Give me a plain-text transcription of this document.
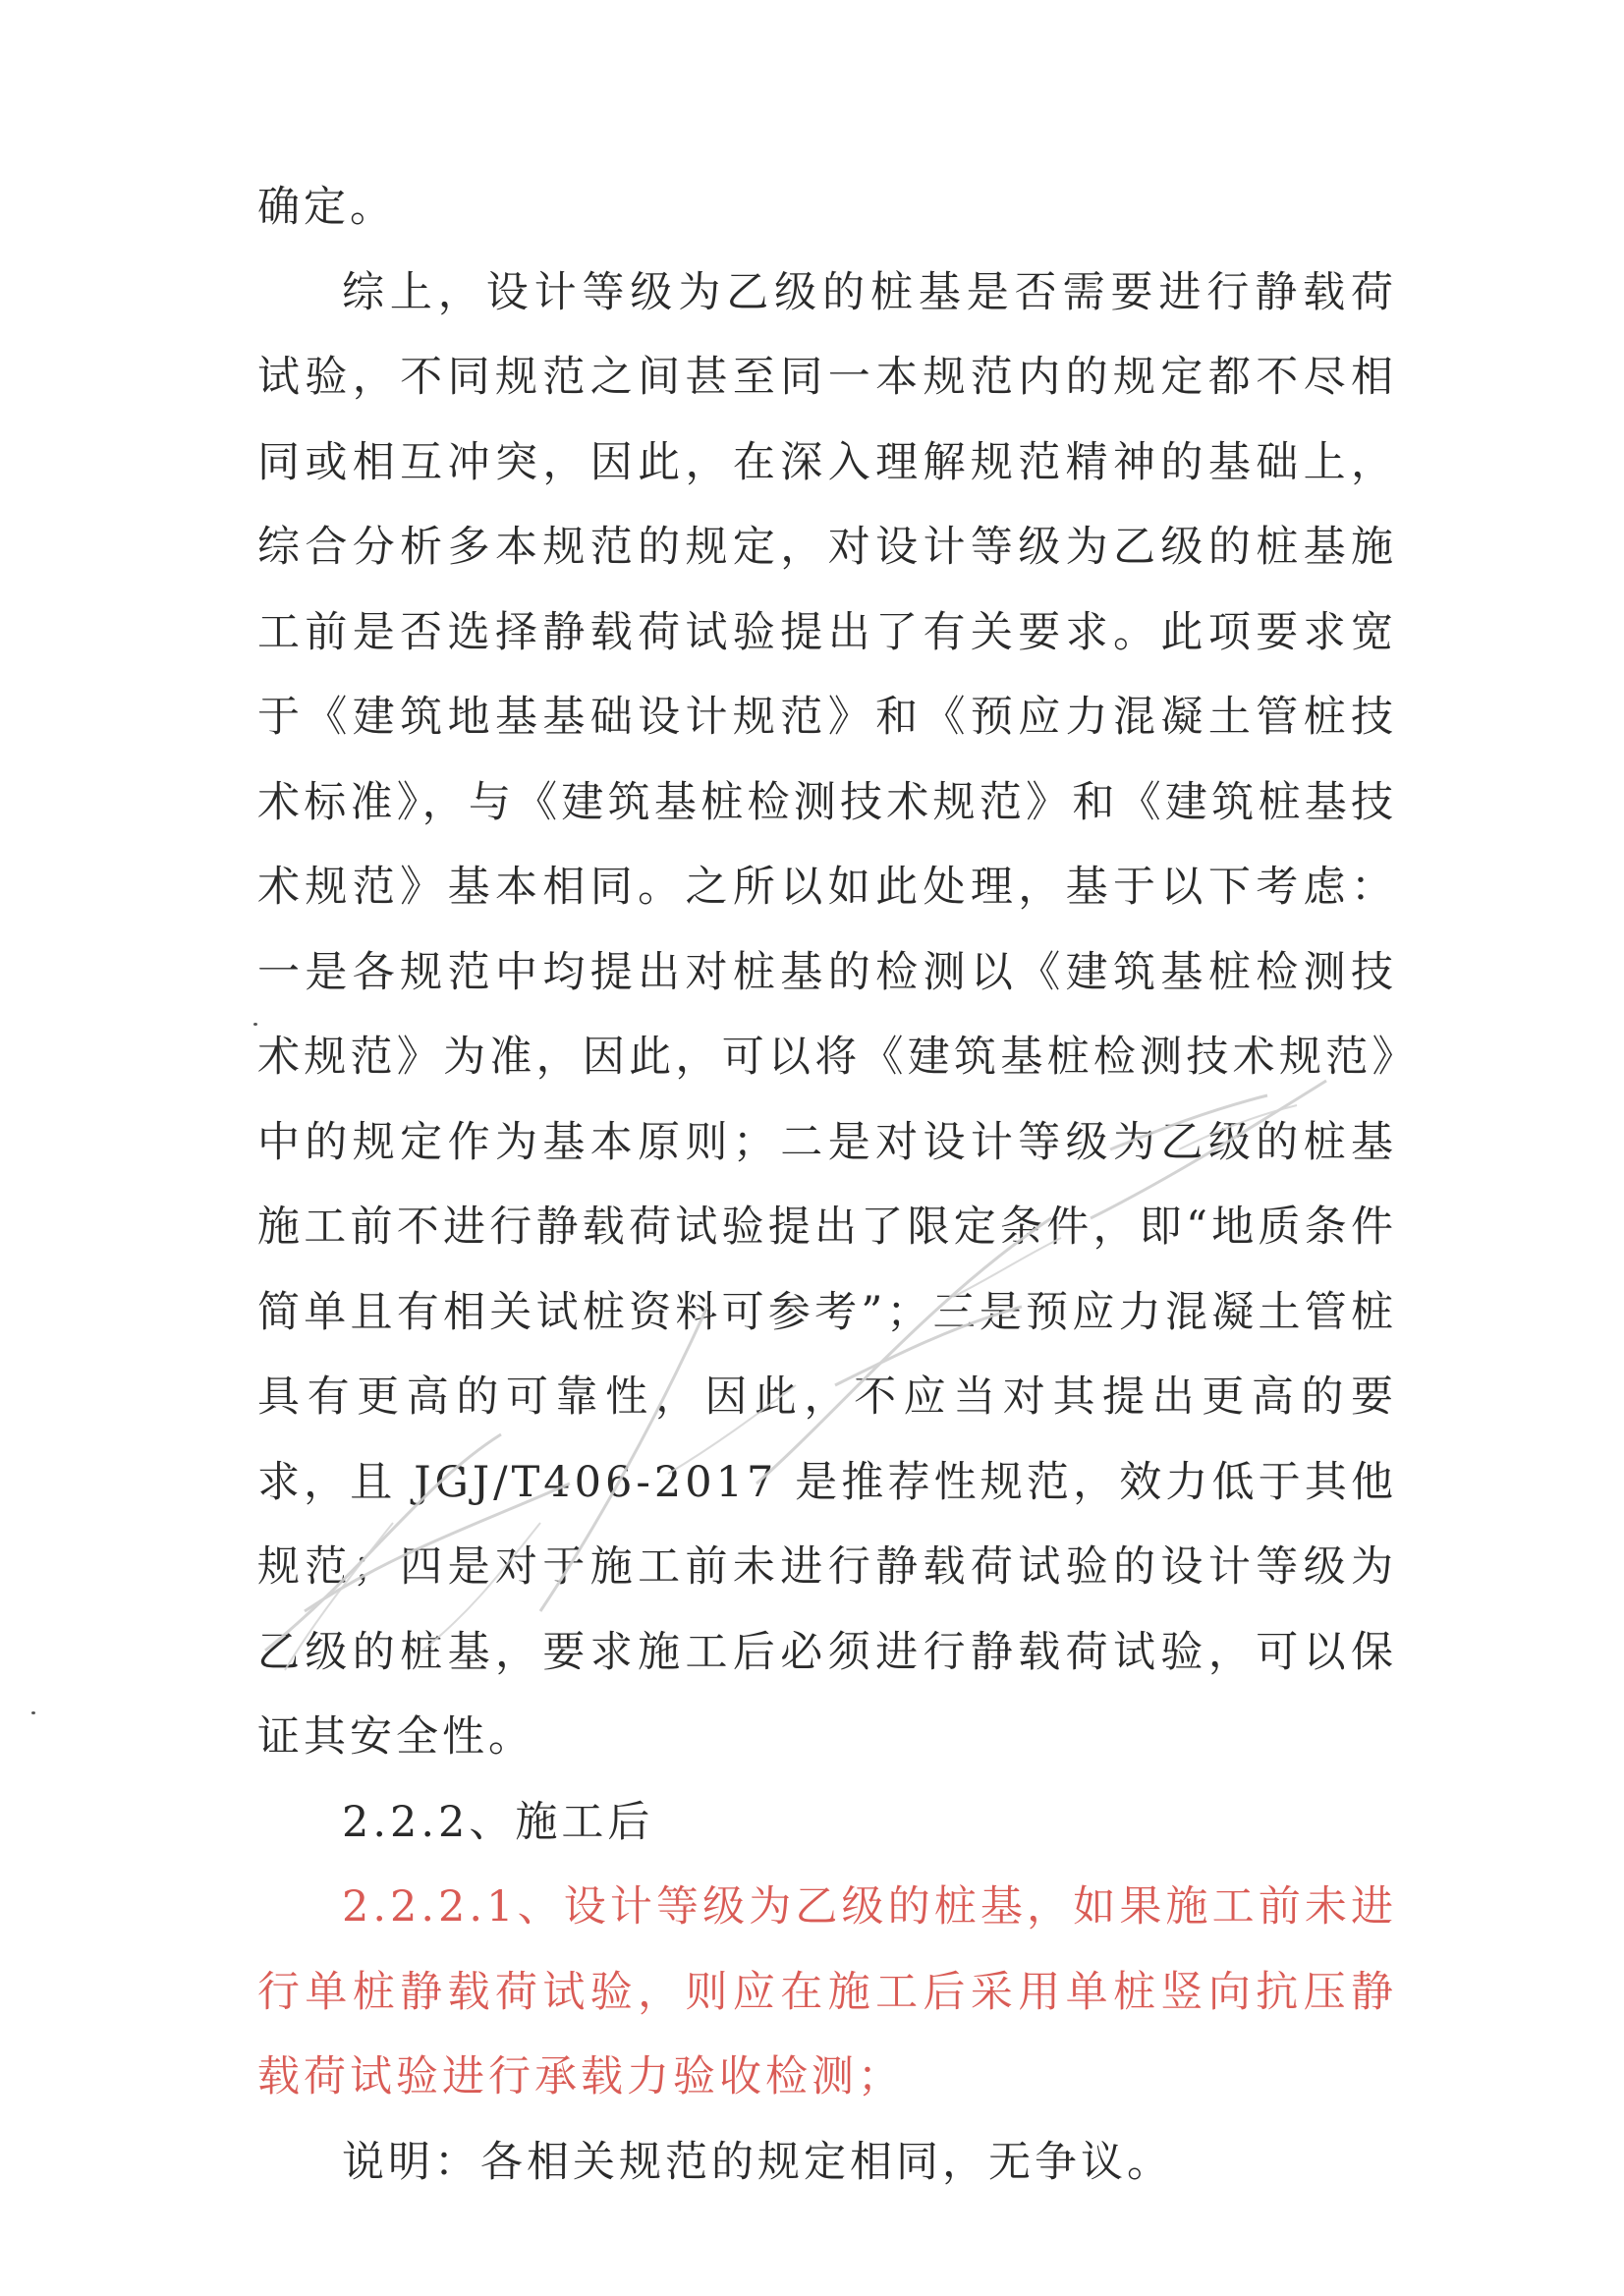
确定。

综上，设计等级为乙级的桩基是否需要进行静载荷试验，不同规范之间甚至同一本规范内的规定都不尽相同或相互冲突，因此，在深入理解规范精神的基础上，综合分析多本规范的规定，对设计等级为乙级的桩基施工前是否选择静载荷试验提出了有关要求。此项要求宽于《建筑地基基础设计规范》和《预应力混凝土管桩技术标准》，与《建筑基桩检测技术规范》和《建筑桩基技术规范》基本相同。之所以如此处理，基于以下考虑：一是各规范中均提出对桩基的检测以《建筑基桩检测技术规范》为准，因此，可以将《建筑基桩检测技术规范》中的规定作为基本原则；二是对设计等级为乙级的桩基施工前不进行静载荷试验提出了限定条件，即“地质条件简单且有相关试桩资料可参考”；三是预应力混凝土管桩具有更高的可靠性，因此，不应当对其提出更高的要求，且 JGJ/T406-2017 是推荐性规范，效力低于其他规范；四是对于施工前未进行静载荷试验的设计等级为乙级的桩基，要求施工后必须进行静载荷试验，可以保证其安全性。

2.2.2、施工后

2.2.2.1、设计等级为乙级的桩基，如果施工前未进行单桩静载荷试验，则应在施工后采用单桩竖向抗压静载荷试验进行承载力验收检测；

说明：各相关规范的规定相同，无争议。
